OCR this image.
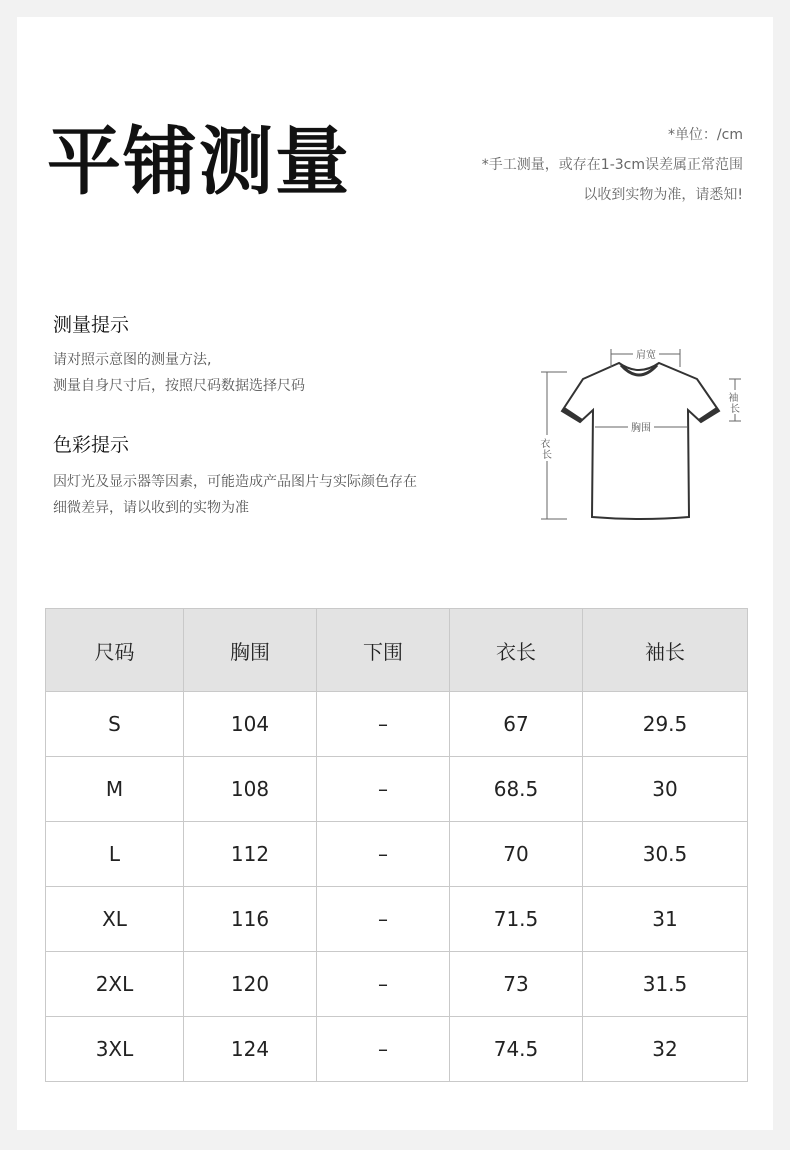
平铺测量	*单位：/cm
*手工测量，或存在1-3cm误差属正常范围
以收到实物为准，请悉知!
测量提示
请对照示意图的测量方法,
测量自身尺寸后，按照尺码数据选择尺码
色彩提示
因灯光及显示器等因素，可能造成产品图片与实际颜色存在
细微差异，请以收到的实物为准
肩宽
胸围
袖 长
衣 长
尺码	胸围	下围	衣长	袖长
S	104	–	67	29.5
M	108	–	68.5	30
L	112	–	70	30.5
XL	116	–	71.5	31
2XL	120	–	73	31.5
3XL	124	–	74.5	32
